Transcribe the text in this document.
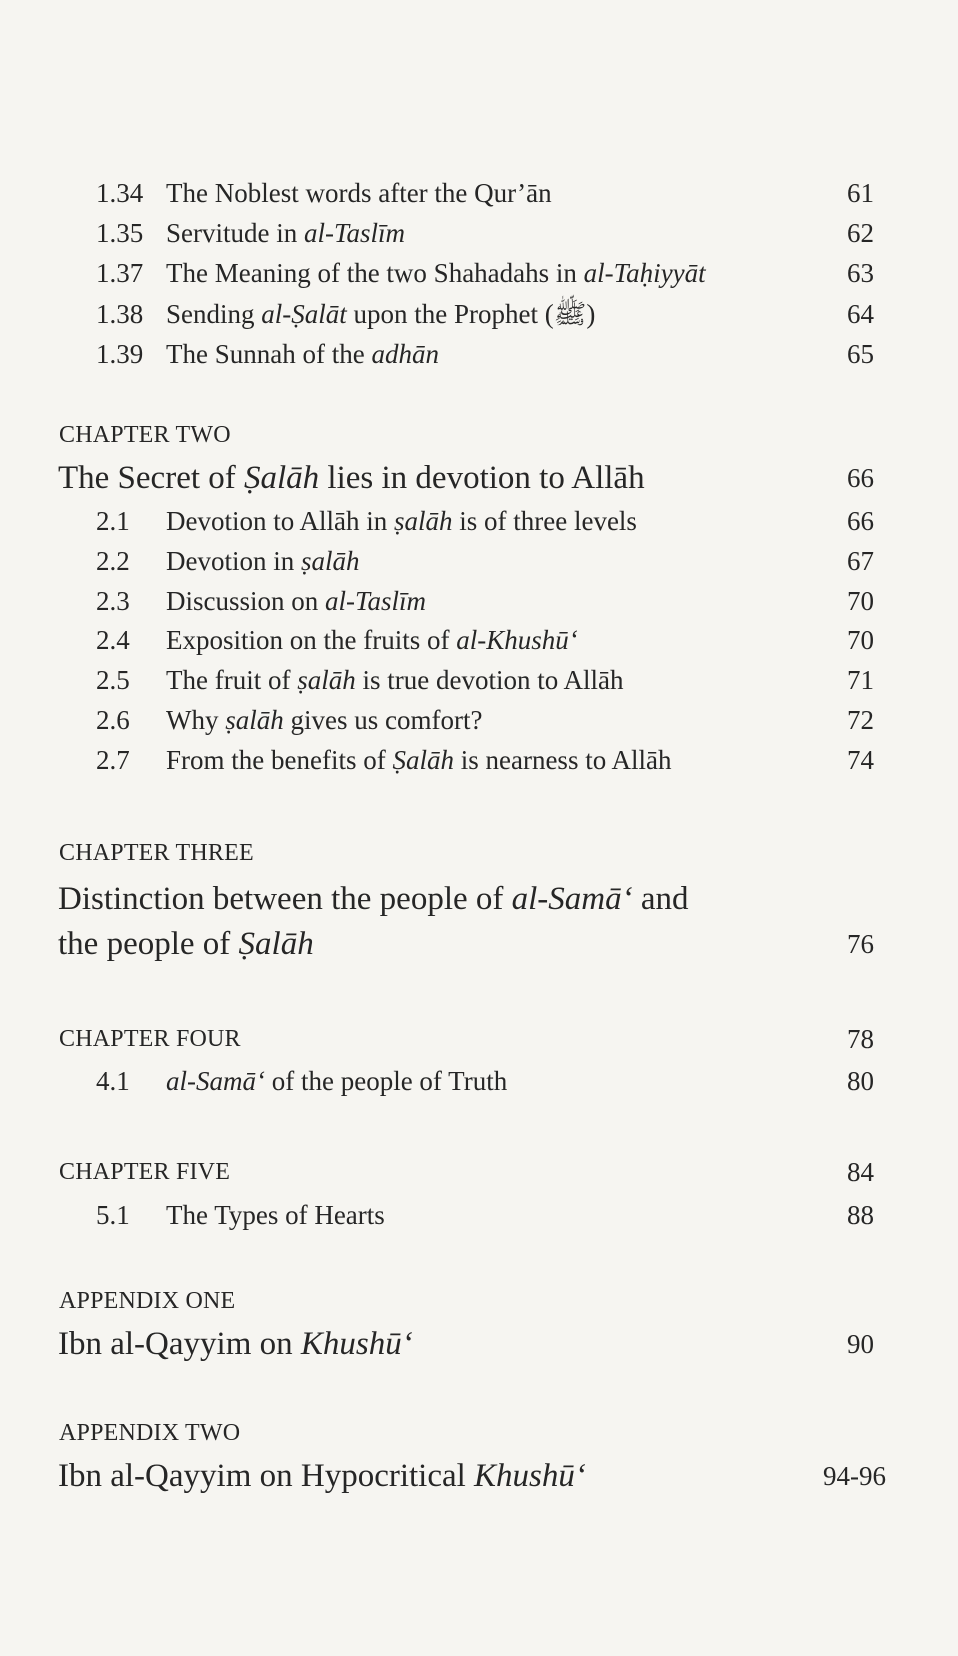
1.34 The Noblest words after the Qur’ān	61
1.35 Servitude in al-Taslīm	62
1.37 The Meaning of the two Shahadahs in al-Taḥiyyāt	63
1.38 Sending al-Ṣalāt upon the Prophet (ﷺ)	64
1.39 The Sunnah of the adhān	65
CHAPTER TWO
The Secret of Ṣalāh lies in devotion to Allāh	66
2.1 Devotion to Allāh in ṣalāh is of three levels	66
2.2 Devotion in ṣalāh	67
2.3 Discussion on al-Taslīm	70
2.4 Exposition on the fruits of al-Khushū‘	70
2.5 The fruit of ṣalāh is true devotion to Allāh	71
2.6 Why ṣalāh gives us comfort?	72
2.7 From the benefits of Ṣalāh is nearness to Allāh	74
CHAPTER THREE
Distinction between the people of al-Samā‘ and
the people of Ṣalāh	76
CHAPTER FOUR	78
4.1 al-Samā‘ of the people of Truth	80
CHAPTER FIVE	84
5.1 The Types of Hearts	88
APPENDIX ONE
Ibn al-Qayyim on Khushū‘	90
APPENDIX TWO
Ibn al-Qayyim on Hypocritical Khushū‘	94-96
